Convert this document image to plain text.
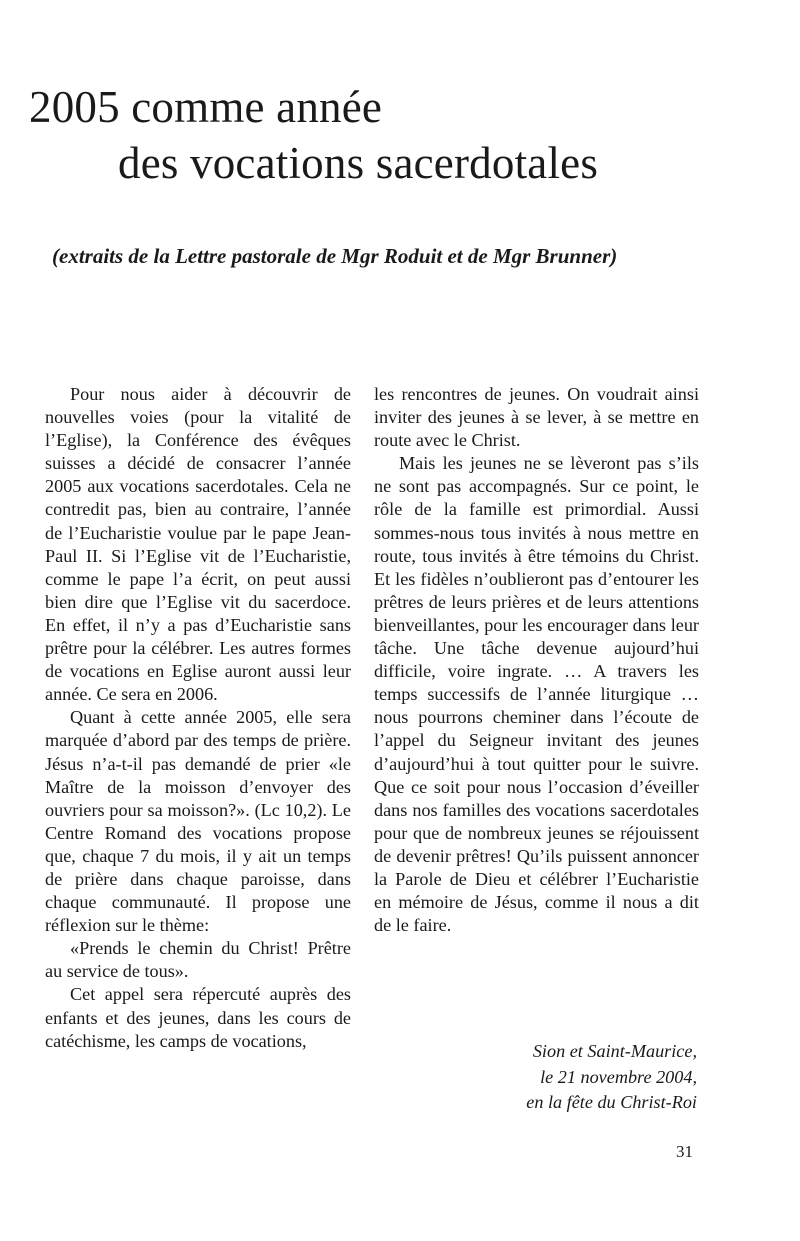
2005 comme année
des vocations sacerdotales

(extraits de la Lettre pastorale de Mgr Roduit et de Mgr Brunner)

Pour nous aider à découvrir de nouvelles voies (pour la vitalité de l’Eglise), la Conférence des évêques suisses a décidé de consacrer l’année 2005 aux vocations sacerdotales. Cela ne contredit pas, bien au contraire, l’année de l’Eucharistie voulue par le pape Jean-Paul II. Si l’Eglise vit de l’Eucharistie, comme le pape l’a écrit, on peut aussi bien dire que l’Eglise vit du sacerdoce. En effet, il n’y a pas d’Eucharistie sans prêtre pour la célébrer. Les autres formes de vocations en Eglise auront aussi leur année. Ce sera en 2006.

Quant à cette année 2005, elle sera marquée d’abord par des temps de prière. Jésus n’a-t-il pas demandé de prier «le Maître de la moisson d’envoyer des ouvriers pour sa moisson?». (Lc 10,2). Le Centre Romand des vocations propose que, chaque 7 du mois, il y ait un temps de prière dans chaque paroisse, dans chaque communauté. Il propose une réflexion sur le thème:

«Prends le chemin du Christ! Prêtre au service de tous».

Cet appel sera répercuté auprès des enfants et des jeunes, dans les cours de catéchisme, les camps de vocations,

les rencontres de jeunes. On voudrait ainsi inviter des jeunes à se lever, à se mettre en route avec le Christ.

Mais les jeunes ne se lèveront pas s’ils ne sont pas accompagnés. Sur ce point, le rôle de la famille est primordial. Aussi sommes-nous tous invités à nous mettre en route, tous invités à être témoins du Christ. Et les fidèles n’oublieront pas d’entourer les prêtres de leurs prières et de leurs attentions bienveillantes, pour les encourager dans leur tâche. Une tâche devenue aujourd’hui difficile, voire ingrate. … A travers les temps successifs de l’année liturgique … nous pourrons cheminer dans l’écoute de l’appel du Seigneur invitant des jeunes d’aujourd’hui à tout quitter pour le suivre. Que ce soit pour nous l’occasion d’éveiller dans nos familles des vocations sacerdotales pour que de nombreux jeunes se réjouissent de devenir prêtres! Qu’ils puissent annoncer la Parole de Dieu et célébrer l’Eucharistie en mémoire de Jésus, comme il nous a dit de le faire.

Sion et Saint-Maurice,
le 21 novembre 2004,
en la fête du Christ-Roi
31
